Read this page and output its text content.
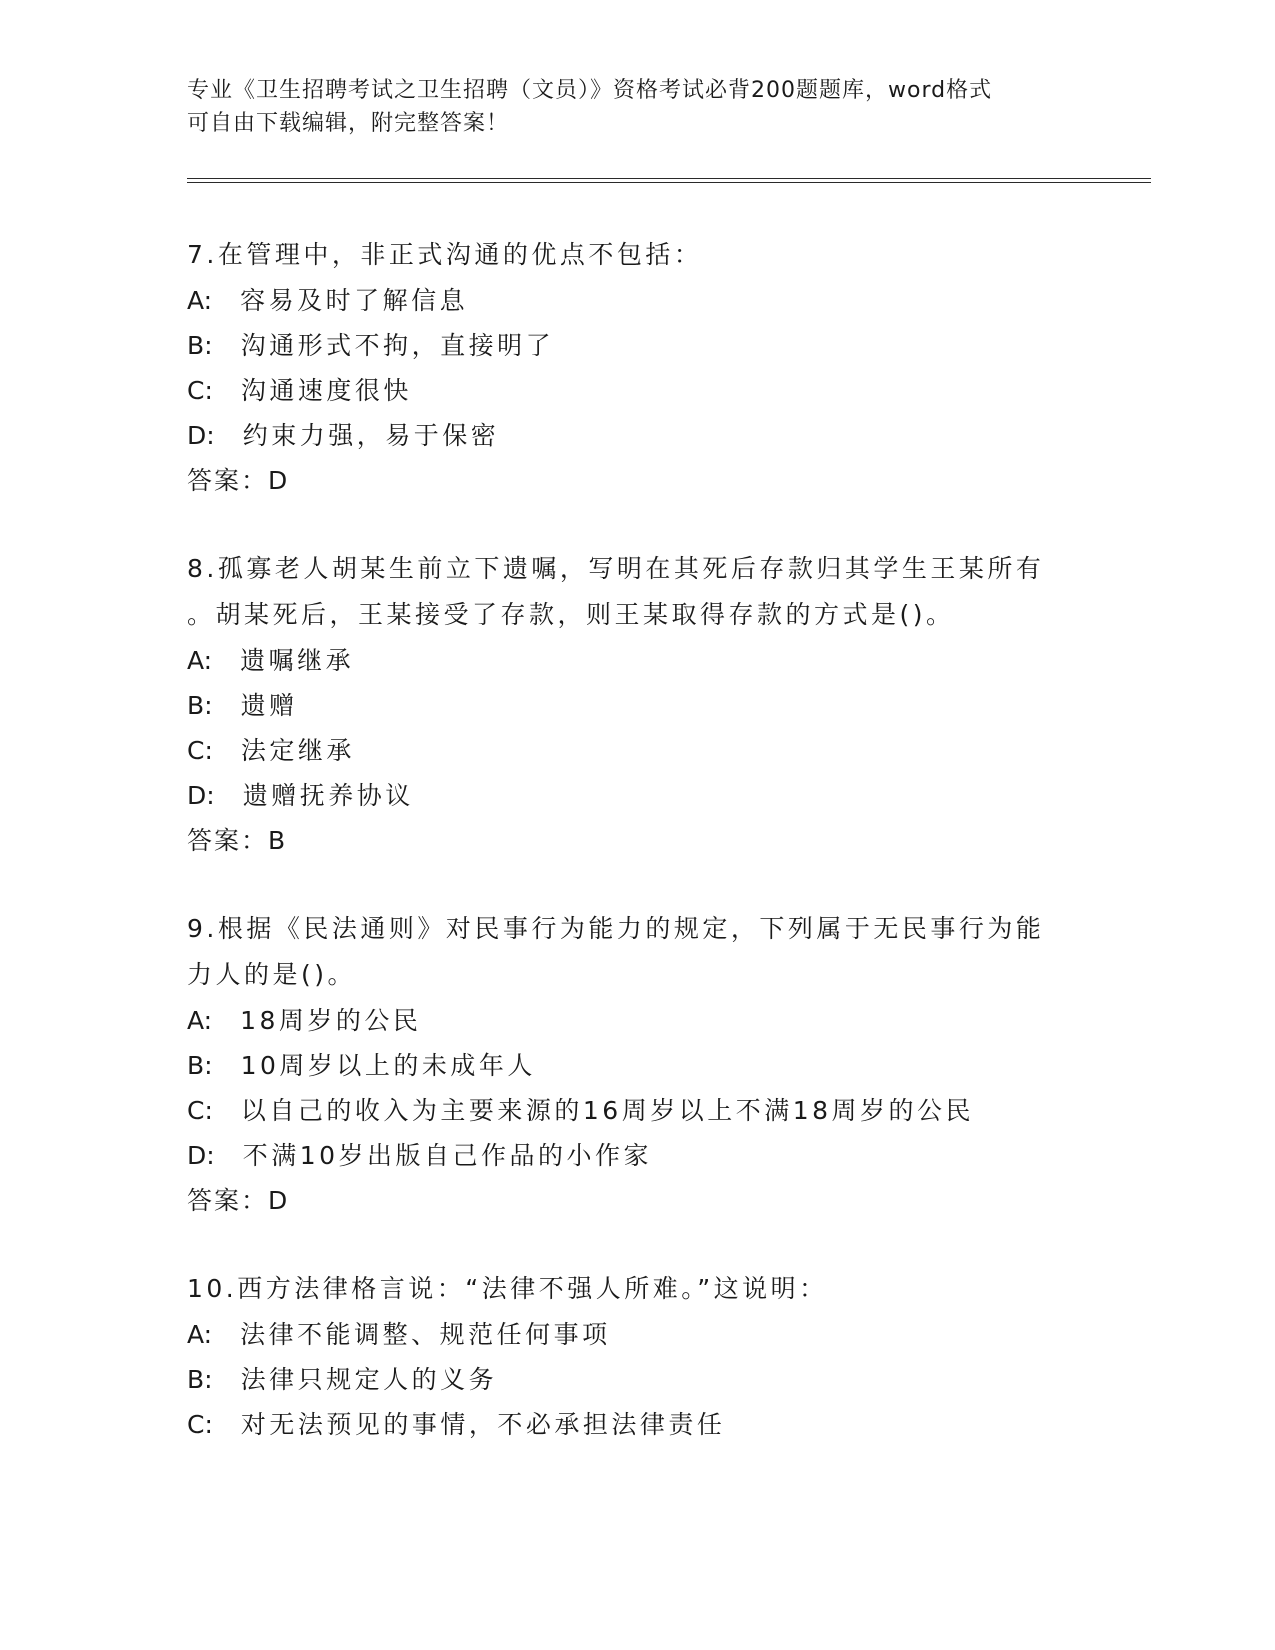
专业《卫生招聘考试之卫生招聘（文员）》资格考试必背200题题库，word格式
可自由下载编辑，附完整答案！
7.在管理中，非正式沟通的优点不包括：
A: 容易及时了解信息
B: 沟通形式不拘，直接明了
C: 沟通速度很快
D: 约束力强，易于保密
答案：D
8.孤寡老人胡某生前立下遗嘱，写明在其死后存款归其学生王某所有
。胡某死后，王某接受了存款，则王某取得存款的方式是()。
A: 遗嘱继承
B: 遗赠
C: 法定继承
D: 遗赠抚养协议
答案：B
9.根据《民法通则》对民事行为能力的规定，下列属于无民事行为能
力人的是()。
A: 18周岁的公民
B: 10周岁以上的未成年人
C: 以自己的收入为主要来源的16周岁以上不满18周岁的公民
D: 不满10岁出版自己作品的小作家
答案：D
10.西方法律格言说：“法律不强人所难。”这说明：
A: 法律不能调整、规范任何事项
B: 法律只规定人的义务
C: 对无法预见的事情，不必承担法律责任
